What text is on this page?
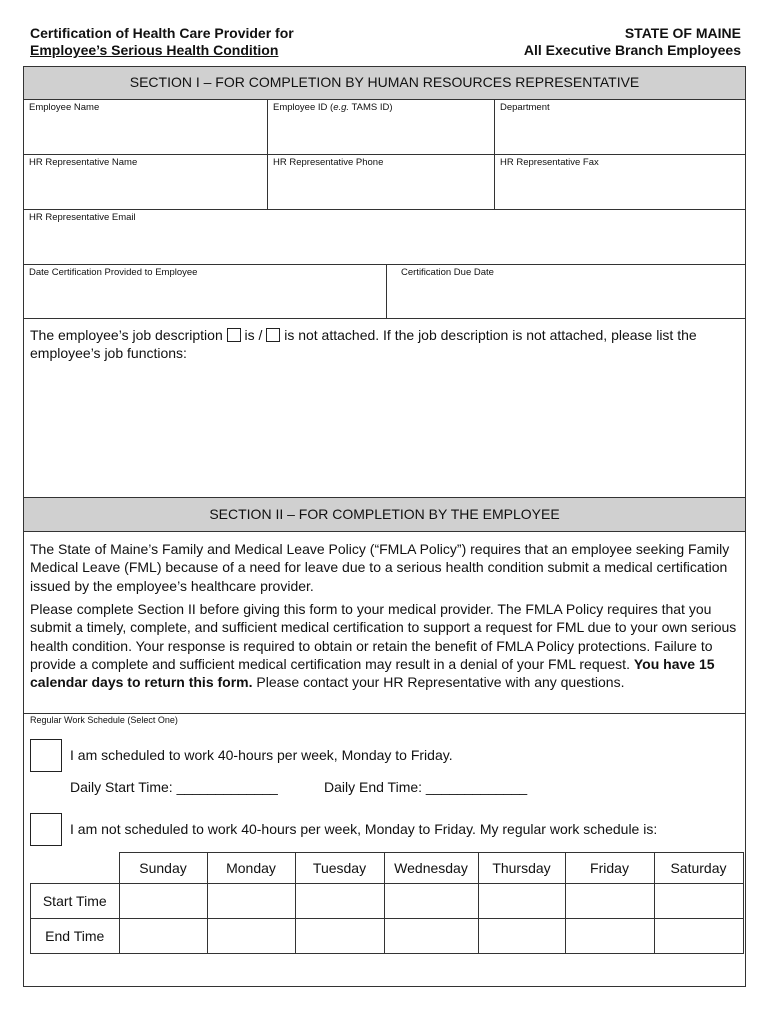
Certification of Health Care Provider for
Employee’s Serious Health Condition
STATE OF MAINE
All Executive Branch Employees
SECTION I – FOR COMPLETION BY HUMAN RESOURCES REPRESENTATIVE
Employee Name	Employee ID (e.g. TAMS ID)	Department
HR Representative Name	HR Representative Phone	HR Representative Fax
HR Representative Email
Date Certification Provided to Employee	Certification Due Date
The employee’s job description is / is not attached. If the job description is not attached, please list the employee’s job functions:
SECTION II – FOR COMPLETION BY THE EMPLOYEE
The State of Maine’s Family and Medical Leave Policy (“FMLA Policy”) requires that an employee seeking Family Medical Leave (FML) because of a need for leave due to a serious health condition submit a medical certification issued by the employee’s healthcare provider.
Please complete Section II before giving this form to your medical provider. The FMLA Policy requires that you submit a timely, complete, and sufficient medical certification to support a request for FML due to your own serious health condition. Your response is required to obtain or retain the benefit of FMLA Policy protections. Failure to provide a complete and sufficient medical certification may result in a denial of your FML request. You have 15 calendar days to return this form. Please contact your HR Representative with any questions.
Regular Work Schedule (Select One)
I am scheduled to work 40-hours per week, Monday to Friday.
Daily Start Time: _____________	Daily End Time: _____________
I am not scheduled to work 40-hours per week, Monday to Friday. My regular work schedule is:
	Sunday	Monday	Tuesday	Wednesday	Thursday	Friday	Saturday
Start Time							
End Time							
